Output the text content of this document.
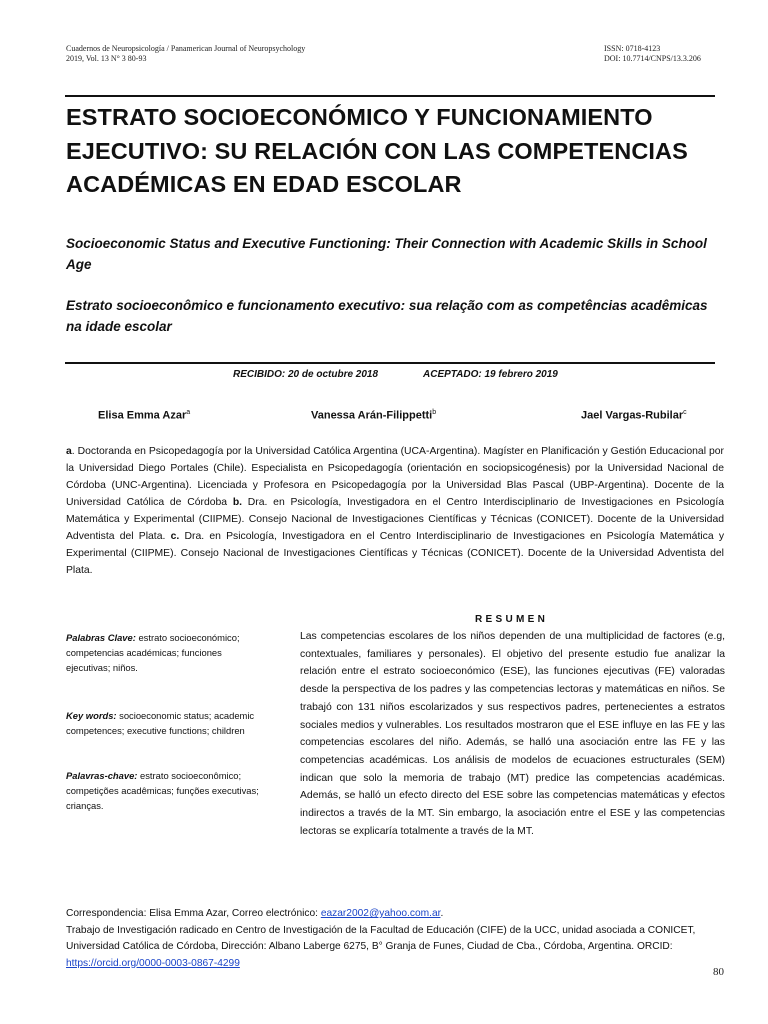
Cuadernos de Neuropsicología / Panamerican Journal of Neuropsychology
2019, Vol. 13 N° 3 80-93
ISSN: 0718-4123
DOI: 10.7714/CNPS/13.3.206
ESTRATO SOCIOECONÓMICO Y FUNCIONAMIENTO EJECUTIVO: SU RELACIÓN CON LAS COMPETENCIAS ACADÉMICAS EN EDAD ESCOLAR
Socioeconomic Status and Executive Functioning: Their Connection with Academic Skills in School Age
Estrato socioeconômico e funcionamento executivo: sua relação com as competências acadêmicas na idade escolar
RECIBIDO: 20 de octubre 2018	ACEPTADO: 19 febrero 2019
Elisa Emma Azar$^a$	Vanessa Arán-Filippetti$^b$	Jael Vargas-Rubilar$^c$
a. Doctoranda en Psicopedagogía por la Universidad Católica Argentina (UCA-Argentina). Magíster en Planificación y Gestión Educacional por la Universidad Diego Portales (Chile). Especialista en Psicopedagogía (orientación en sociopsicogénesis) por la Universidad Nacional de Córdoba (UNC-Argentina). Licenciada y Profesora en Psicopedagogía por la Universidad Blas Pascal (UBP-Argentina). Docente de la Universidad Católica de Córdoba b. Dra. en Psicología, Investigadora en el Centro Interdisciplinario de Investigaciones en Psicología Matemática y Experimental (CIIPME). Consejo Nacional de Investigaciones Científicas y Técnicas (CONICET). Docente de la Universidad Adventista del Plata. c. Dra. en Psicología, Investigadora en el Centro Interdisciplinario de Investigaciones en Psicología Matemática y Experimental (CIIPME). Consejo Nacional de Investigaciones Científicas y Técnicas (CONICET). Docente de la Universidad Adventista del Plata.
RESUMEN
Palabras Clave: estrato socioeconómico; competencias académicas; funciones ejecutivas; niños.
Key words: socioeconomic status; academic competences; executive functions; children
Palavras-chave: estrato socioeconômico; competições acadêmicas; funções executivas; crianças.
Las competencias escolares de los niños dependen de una multiplicidad de factores (e.g, contextuales, familiares y personales). El objetivo del presente estudio fue analizar la relación entre el estrato socioeconómico (ESE), las funciones ejecutivas (FE) valoradas desde la perspectiva de los padres y las competencias lectoras y matemáticas en niños. Se trabajó con 131 niños escolarizados y sus respectivos padres, pertenecientes a estratos sociales medios y vulnerables. Los resultados mostraron que el ESE influye en las FE y las competencias escolares del niño. Además, se halló una asociación entre las FE y las competencias académicas. Los análisis de modelos de ecuaciones estructurales (SEM) indican que solo la memoria de trabajo (MT) predice las competencias académicas. Además, se halló un efecto directo del ESE sobre las competencias matemáticas y efectos indirectos a través de la MT. Sin embargo, la asociación entre el ESE y las competencias lectoras se explicaría totalmente a través de la MT.
Correspondencia: Elisa Emma Azar, Correo electrónico: eazar2002@yahoo.com.ar.
Trabajo de Investigación radicado en Centro de Investigación de la Facultad de Educación (CIFE) de la UCC, unidad asociada a CONICET, Universidad Católica de Córdoba, Dirección: Albano Laberge 6275, B° Granja de Funes, Ciudad de Cba., Córdoba, Argentina. ORCID: https://orcid.org/0000-0003-0867-4299
80
